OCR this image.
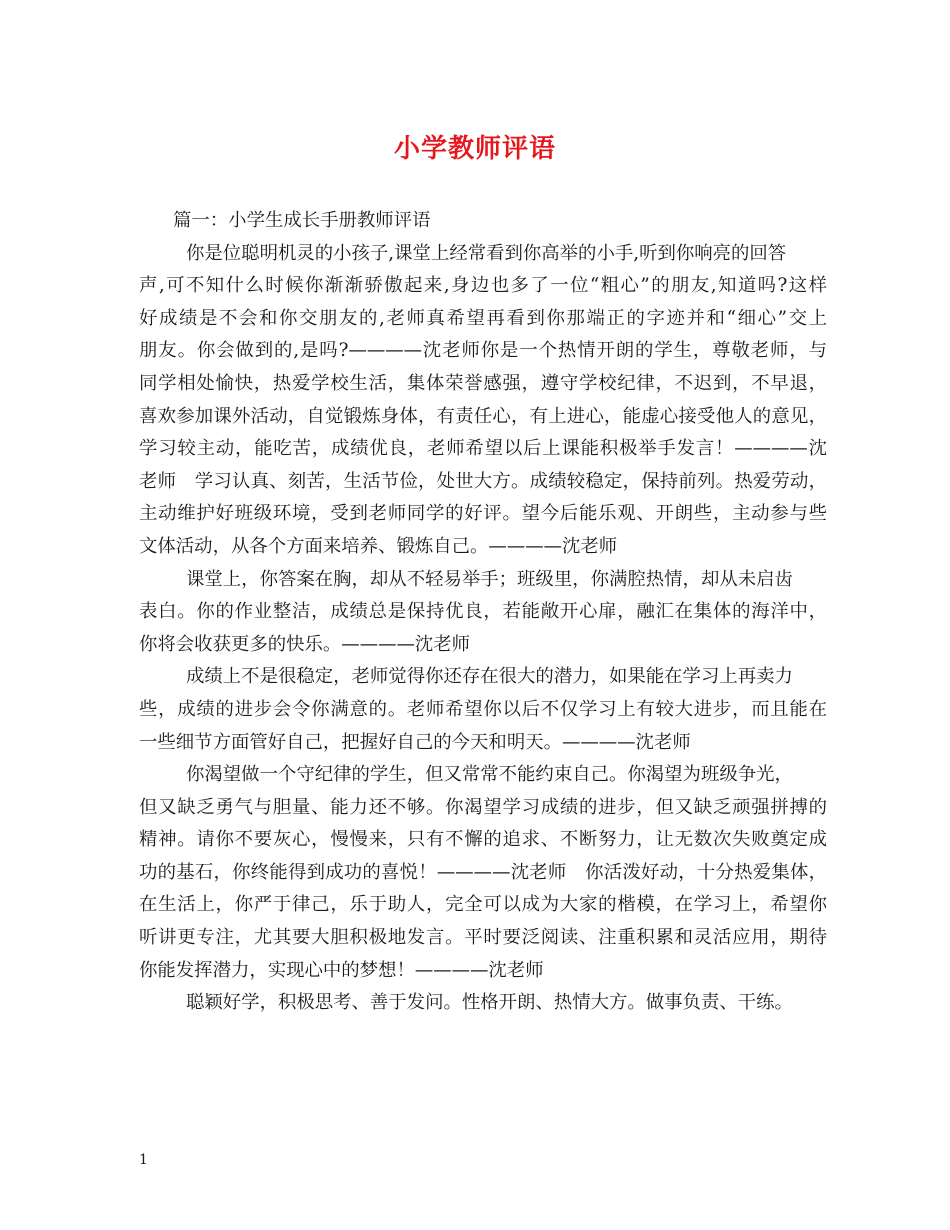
小学教师评语
篇一：小学生成长手册教师评语
你是位聪明机灵的小孩子,课堂上经常看到你高举的小手,听到你响亮的回答
声,可不知什么时候你渐渐骄傲起来,身边也多了一位“粗心”的朋友,知道吗?这样
好成绩是不会和你交朋友的,老师真希望再看到你那端正的字迹并和“细心”交上
朋友。你会做到的,是吗?————沈老师你是一个热情开朗的学生，尊敬老师，与
同学相处愉快，热爱学校生活，集体荣誉感强，遵守学校纪律，不迟到，不早退，
喜欢参加课外活动，自觉锻炼身体，有责任心，有上进心，能虚心接受他人的意见，
学习较主动，能吃苦，成绩优良，老师希望以后上课能积极举手发言！————沈
老师　学习认真、刻苦，生活节俭，处世大方。成绩较稳定，保持前列。热爱劳动，
主动维护好班级环境，受到老师同学的好评。望今后能乐观、开朗些，主动参与些
文体活动，从各个方面来培养、锻炼自己。————沈老师
课堂上，你答案在胸，却从不轻易举手；班级里，你满腔热情，却从未启齿
表白。你的作业整洁，成绩总是保持优良，若能敞开心扉，融汇在集体的海洋中，
你将会收获更多的快乐。————沈老师
成绩上不是很稳定，老师觉得你还存在很大的潜力，如果能在学习上再卖力
些，成绩的进步会令你满意的。老师希望你以后不仅学习上有较大进步，而且能在
一些细节方面管好自己，把握好自己的今天和明天。————沈老师
你渴望做一个守纪律的学生，但又常常不能约束自己。你渴望为班级争光，
但又缺乏勇气与胆量、能力还不够。你渴望学习成绩的进步，但又缺乏顽强拼搏的
精神。请你不要灰心，慢慢来，只有不懈的追求、不断努力，让无数次失败奠定成
功的基石，你终能得到成功的喜悦！————沈老师　你活泼好动，十分热爱集体，
在生活上，你严于律己，乐于助人，完全可以成为大家的楷模，在学习上，希望你
听讲更专注，尤其要大胆积极地发言。平时要泛阅读、注重积累和灵活应用，期待
你能发挥潜力，实现心中的梦想！————沈老师
聪颖好学，积极思考、善于发问。性格开朗、热情大方。做事负责、干练。
1
